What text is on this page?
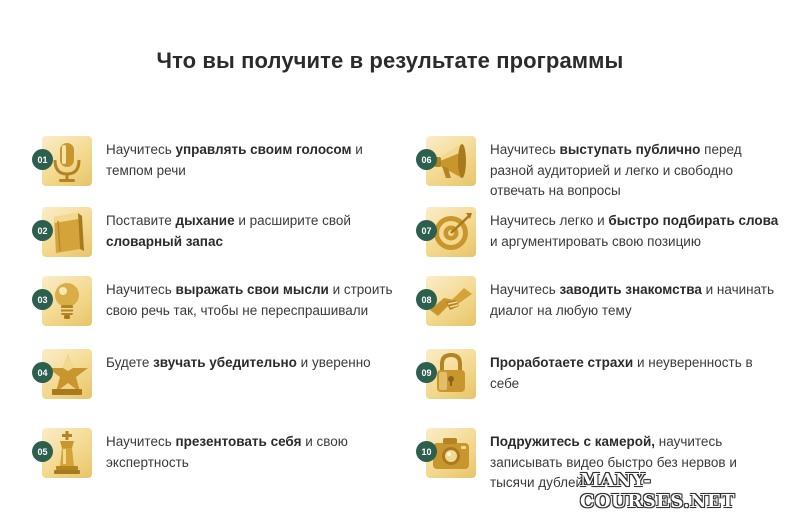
Что вы получите в результате программы
01
Научитесь управлять своим голосом и темпом речи
02
Поставите дыхание и расширите свой словарный запас
03
Научитесь выражать свои мысли и строить свою речь так, чтобы не переспрашивали
04
Будете звучать убедительно и уверенно
05
Научитесь презентовать себя и свою экспертность
06
Научитесь выступать публично перед разной аудиторией и легко и свободно отвечать на вопросы
07
Научитесь легко и быстро подбирать слова и аргументировать свою позицию
08
Научитесь заводить знакомства и начинать диалог на любую тему
09
Проработаете страхи и неуверенность в себе
10
Подружитесь с камерой, научитесь записывать видео быстро без нервов и тысячи дублей
MANY-COURSES.NET
